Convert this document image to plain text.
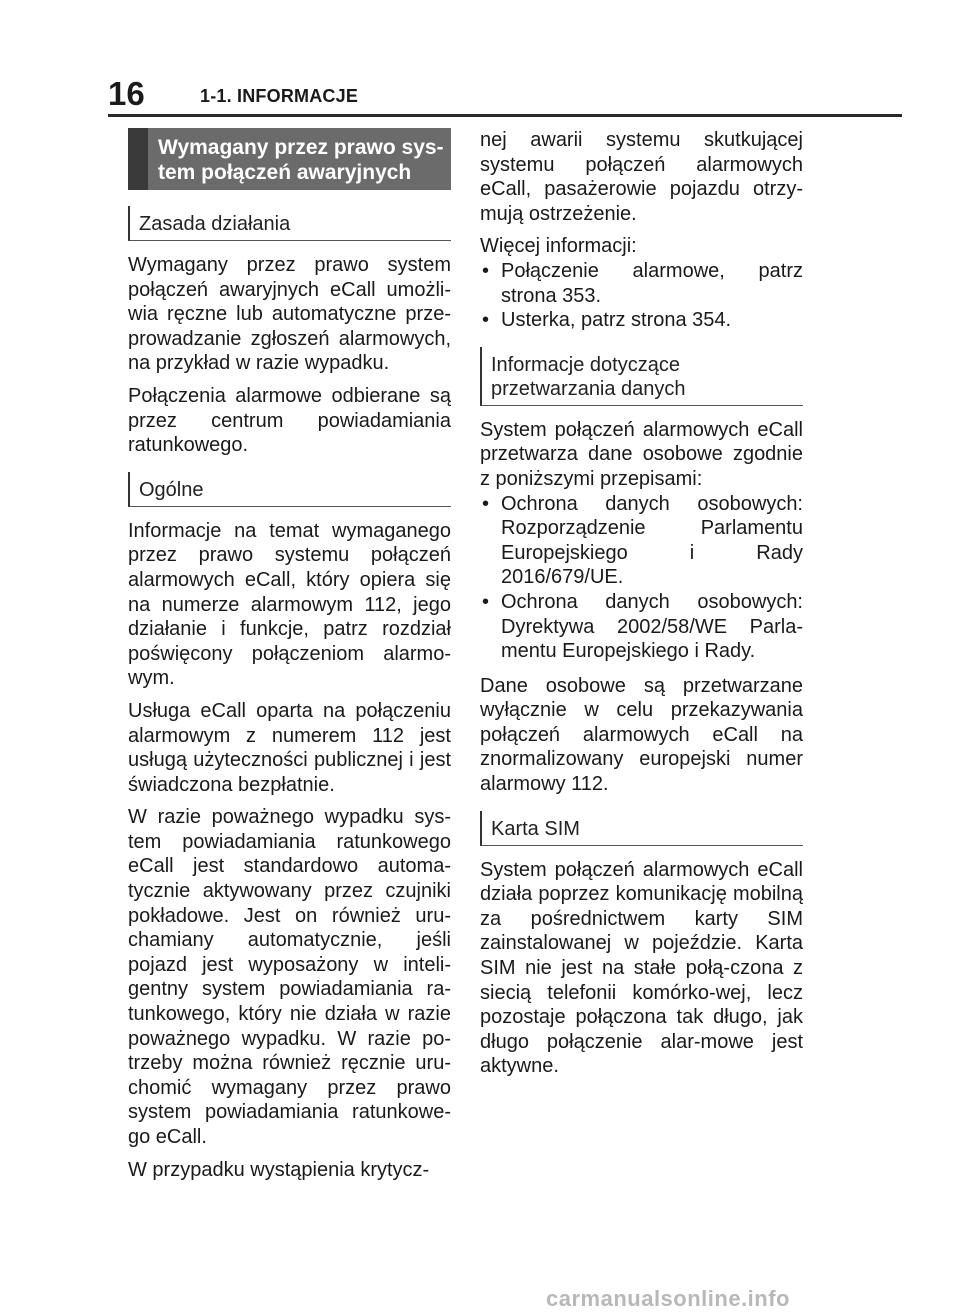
16	1-1. INFORMACJE
Wymagany przez prawo sys-tem połączeń awaryjnych
Zasada działania

Wymagany przez prawo system połączeń awaryjnych eCall umożli-wia ręczne lub automatyczne prze-prowadzanie zgłoszeń alarmowych, na przykład w razie wypadku.

Połączenia alarmowe odbierane są przez centrum powiadamiania ratunkowego.

Ogólne

Informacje na temat wymaganego przez prawo systemu połączeń alarmowych eCall, który opiera się na numerze alarmowym 112, jego działanie i funkcje, patrz rozdział poświęcony połączeniom alarmo-wym.

Usługa eCall oparta na połączeniu alarmowym z numerem 112 jest usługą użyteczności publicznej i jest świadczona bezpłatnie.

W razie poważnego wypadku sys-tem powiadamiania ratunkowego eCall jest standardowo automa-tycznie aktywowany przez czujniki pokładowe. Jest on również uru-chamiany automatycznie, jeśli pojazd jest wyposażony w inteli-gentny system powiadamiania ra-tunkowego, który nie działa w razie poważnego wypadku. W razie po-trzeby można również ręcznie uru-chomić wymagany przez prawo system powiadamiania ratunkowe-go eCall.

W przypadku wystąpienia krytycz-

nej awarii systemu skutkującej systemu połączeń alarmowych eCall, pasażerowie pojazdu otrzy-mują ostrzeżenie.

Więcej informacji:

• Połączenie alarmowe, patrz strona 353.
• Usterka, patrz strona 354.
Informacje dotyczące przetwarzania danych

System połączeń alarmowych eCall przetwarza dane osobowe zgodnie z poniższymi przepisami:

• Ochrona danych osobowych: Rozporządzenie Parlamentu Europejskiego i Rady 2016/679/UE.
• Ochrona danych osobowych: Dyrektywa 2002/58/WE Parla-mentu Europejskiego i Rady.

Dane osobowe są przetwarzane wyłącznie w celu przekazywania połączeń alarmowych eCall na znormalizowany europejski numer alarmowy 112.

Karta SIM

System połączeń alarmowych eCall działa poprzez komunikację mobilną za pośrednictwem karty SIM zainstalowanej w pojeździe. Karta SIM nie jest na stałe połą-czona z siecią telefonii komórko-wej, lecz pozostaje połączona tak długo, jak długo połączenie alar-mowe jest aktywne.

carmanualsonline.info
